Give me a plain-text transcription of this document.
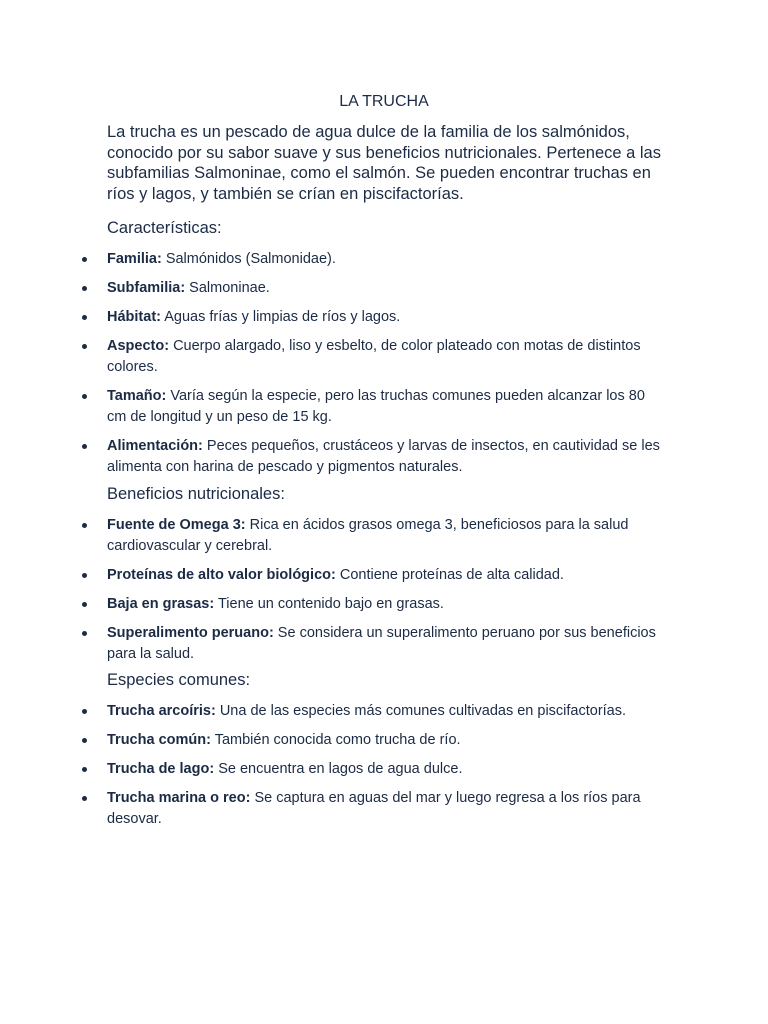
LA TRUCHA

La trucha es un pescado de agua dulce de la familia de los salmónidos, conocido por su sabor suave y sus beneficios nutricionales. Pertenece a las subfamilias Salmoninae, como el salmón. Se pueden encontrar truchas en ríos y lagos, y también se crían en piscifactorías.

Características:
Familia: Salmónidos (Salmonidae).
Subfamilia: Salmoninae.
Hábitat: Aguas frías y limpias de ríos y lagos.
Aspecto: Cuerpo alargado, liso y esbelto, de color plateado con motas de distintos colores.
Tamaño: Varía según la especie, pero las truchas comunes pueden alcanzar los 80 cm de longitud y un peso de 15 kg.
Alimentación: Peces pequeños, crustáceos y larvas de insectos, en cautividad se les alimenta con harina de pescado y pigmentos naturales.
Beneficios nutricionales:
Fuente de Omega 3: Rica en ácidos grasos omega 3, beneficiosos para la salud cardiovascular y cerebral.
Proteínas de alto valor biológico: Contiene proteínas de alta calidad.
Baja en grasas: Tiene un contenido bajo en grasas.
Superalimento peruano: Se considera un superalimento peruano por sus beneficios para la salud.
Especies comunes:
Trucha arcoíris: Una de las especies más comunes cultivadas en piscifactorías.
Trucha común: También conocida como trucha de río.
Trucha de lago: Se encuentra en lagos de agua dulce.
Trucha marina o reo: Se captura en aguas del mar y luego regresa a los ríos para desovar.
